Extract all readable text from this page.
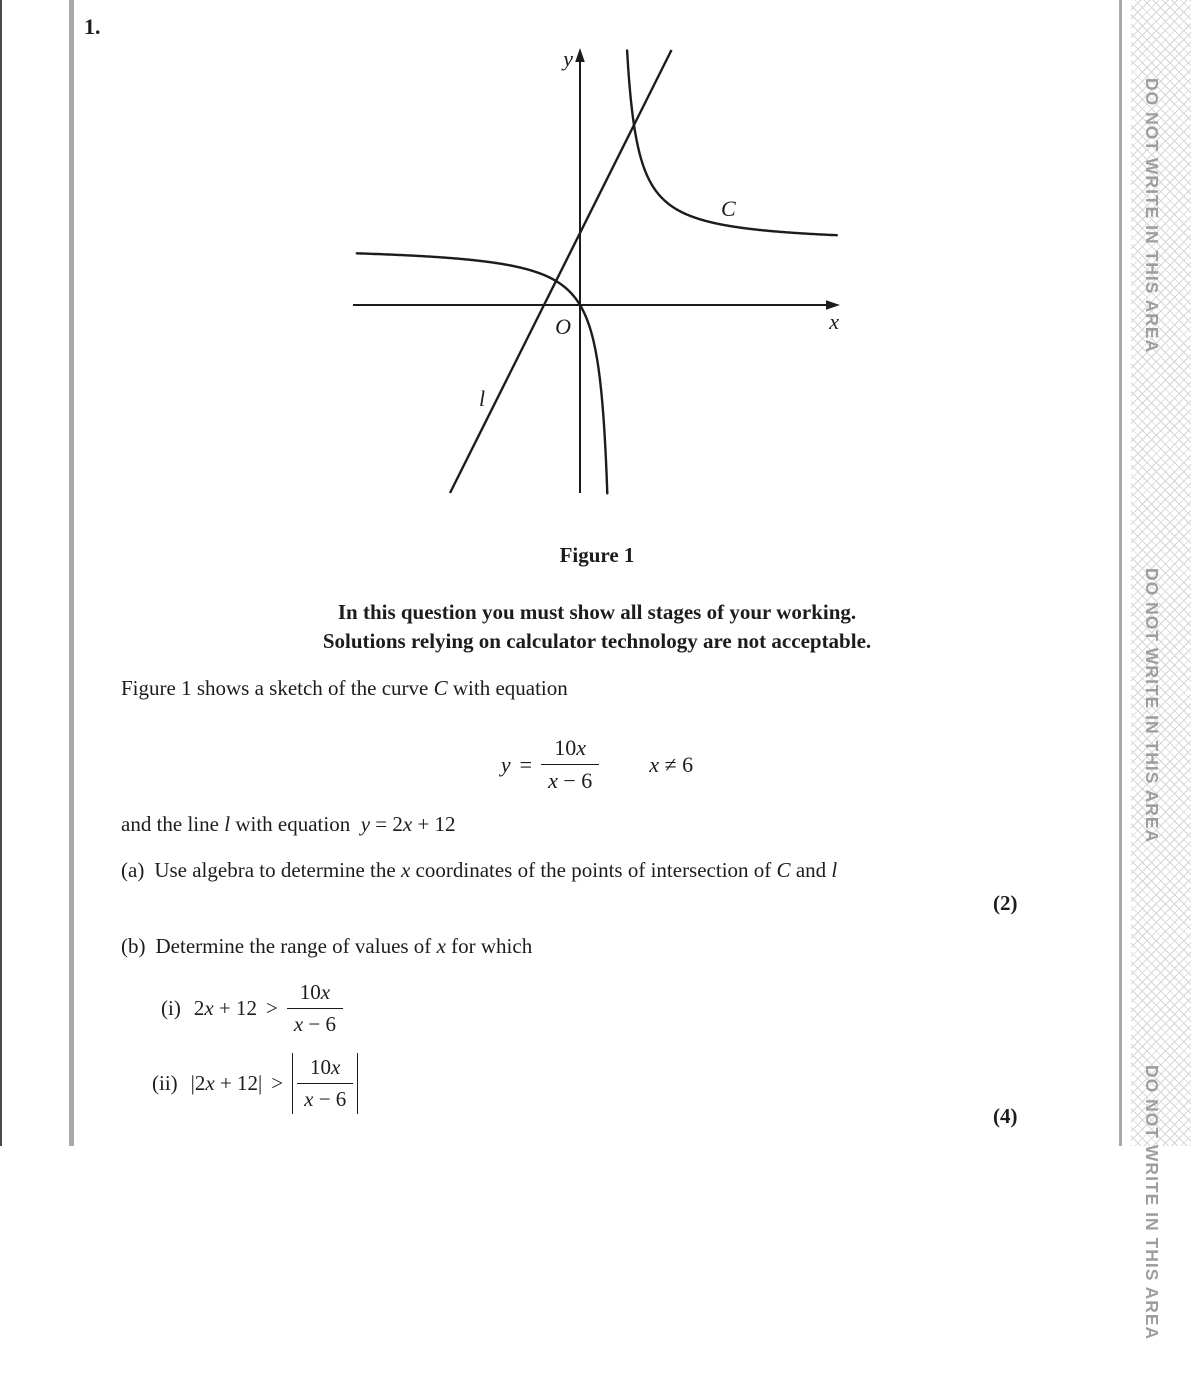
DO NOT WRITE IN THIS AREA
DO NOT WRITE IN THIS AREA
DO NOT WRITE IN THIS AREA
1.
y
x
O
C
l
Figure 1
In this question you must show all stages of your working.
Solutions relying on calculator technology are not acceptable.

Figure 1 shows a sketch of the curve C with equation

$y = \frac{10x}{x - 6}$ x ≠ 6

and the line l with equation  y = 2x + 12

(a) Use algebra to determine the x coordinates of the points of intersection of C and l
(2)
(b) Determine the range of values of x for which
(i) $2x + 12 > \frac{10x}{x - 6}$
(ii) $|2x + 12| > \frac{10x}{x - 6}$
(4)
